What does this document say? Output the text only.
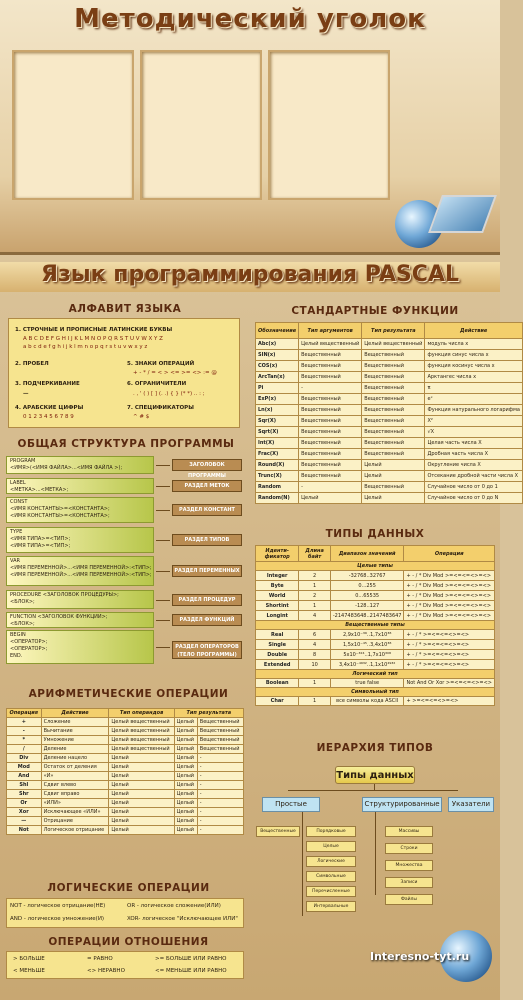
Методический уголок
Язык программирования PASCAL
АЛФАВИТ ЯЗЫКА
1. СТРОЧНЫЕ И ПРОПИСНЫЕ ЛАТИНСКИЕ БУКВЫ
A B C D E F G H I J K L M N O P Q R S T U V W X Y Z
a b c d e f g h i j k l m n o p q r s t u v w x y z
2. ПРОБЕЛ
3. ПОДЧЕРКИВАНИЕ
—
4. АРАБСКИЕ ЦИФРЫ
0 1 2 3 4 5 6 7 8 9
5. ЗНАКИ ОПЕРАЦИЙ
+ - * / = < > <= >= <> := @
6. ОГРАНИЧИТЕЛИ
. , ' ( ) [ ] (. .) { } (* *) .. : ;
7. СПЕЦИФИКАТОРЫ
^ # $
ОБЩАЯ СТРУКТУРА ПРОГРАММЫ
PROGRAM
<ИМЯ>(<ИМЯ ФАЙЛА>...<ИМЯ ФАЙЛА >);	ЗАГОЛОВОК ПРОГРАММЫ
LABEL
<МЕТКА>...<МЕТКА>;
РАЗДЕЛ МЕТОК
CONST
<ИМЯ КОНСТАНТЫ>=<КОНСТАНТА>;
<ИМЯ КОНСТАНТЫ>=<КОНСТАНТА>;
РАЗДЕЛ КОНСТАНТ
TYPE
<ИМЯ ТИПА>=<ТИП>;
<ИМЯ ТИПА>=<ТИП>;
РАЗДЕЛ ТИПОВ
VAR
<ИМЯ ПЕРЕМЕННОЙ>...<ИМЯ ПЕРЕМЕННОЙ>:<ТИП>;
<ИМЯ ПЕРЕМЕННОЙ>...<ИМЯ ПЕРЕМЕННОЙ>:<ТИП>;
РАЗДЕЛ ПЕРЕМЕННЫХ
PROCEDURE <ЗАГОЛОВОК ПРОЦЕДУРЫ>;
<БЛОК>;	РАЗДЕЛ ПРОЦЕДУР
FUNCTION <ЗАГОЛОВОК ФУНКЦИИ>;
<БЛОК>;
РАЗДЕЛ ФУНКЦИЙ
BEGIN
<ОПЕРАТОР>;
<ОПЕРАТОР>;
END.
РАЗДЕЛ ОПЕРАТОРОВ (ТЕЛО ПРОГРАММЫ)
АРИФМЕТИЧЕСКИЕ ОПЕРАЦИИ
Операция	Действие	Тип операндов	Тип результата	
+	Сложение	Целый вещественный	Целый	Вещественный
-	Вычитание	Целый вещественный	Целый	Вещественный
*	Умножение	Целый вещественный	Целый	Вещественный
/	Деление	Целый вещественный	Целый	Вещественный
Div	Деление нацело	Целый	Целый	-
Mod	Остаток от деления	Целый	Целый	-
And	«И»	Целый	Целый	-
Shl	Сдвиг влево	Целый	Целый	-
Shr	Сдвиг вправо	Целый	Целый	-
Or	«ИЛИ»	Целый	Целый	-
Xor	Исключающее «ИЛИ»	Целый	Целый	-
—	Отрицание	Целый	Целый	-
Not	Логическое отрицание	Целый	Целый	-
ЛОГИЧЕСКИЕ ОПЕРАЦИИ
NOT - логическое отрицание(НЕ)	OR - логическое сложение(ИЛИ)
AND - логическое умножение(И)	XOR- логическое "Исключающее ИЛИ"
ОПЕРАЦИИ ОТНОШЕНИЯ
> БОЛЬШЕ	= РАВНО	>= БОЛЬШЕ ИЛИ РАВНО
< МЕНЬШЕ	<> НЕРАВНО	<= МЕНЬШЕ ИЛИ РАВНО
СТАНДАРТНЫЕ ФУНКЦИИ
Обозначение	Тип аргументов	Тип результата	Действие
Abc(x)	Целый вещественный	Целый вещественный	модуль числа x
SIN(x)	Вещественный	Вещественный	функция синус числа x
COS(x)	Вещественный	Вещественный	функция косинус числа x
ArcTan(x)	Вещественный	Вещественный	Арктангес числа x
Pi	-	Вещественный	π
ExP(x)	Вещественный	Вещественный	eˣ
Ln(x)	Вещественный	Вещественный	Функция натурального логарифма
Sqr(X)	Вещественный	Вещественный	X²
Sqrt(X)	Вещественный	Вещественный	√X
Int(X)	Вещественный	Вещественный	Целая часть числа X
Frac(X)	Вещественный	Вещественный	Дробная часть числа X
Round(X)	Вещественный	Целый	Округление числа X
Trunc(X)	Вещественный	Целый	Отсекание дробной части числа X
Random	-	Вещественный	Случайное число от 0 до 1
Random(N)	Целый	Целый	Случайное число от 0 до N
ТИПЫ ДАННЫХ
Иденти-фикатор	Длина байт	Диапазон значений	Операции
Целые типы			
Integer	2	-32768..32767	+ - / * Div Mod >=<=<=<>=<>
Byte	1	0...255	+ - / * Div Mod >=<=<=<>=<>
World	2	0...65535	+ - / * Div Mod >=<=<=<>=<>
Shortint	1	-128..127	+ - / * Div Mod >=<=<=<>=<>
Longint	4	-2147483648..2147483647	+ - / * Div Mod >=<=<=<>=<>
Вещественные типы			
Real	6	2,9x10⁻³⁹..1,7x10³⁸	+ - / * >=<=<=<>=<>
Single	4	1,5x10⁻⁴⁵..3,4x10³⁸	+ - / * >=<=<=<>=<>
Double	8	5x10⁻³²⁴..1,7x10³⁰⁸	+ - / * >=<=<=<>=<>
Extended	10	3,4x10⁻⁴⁹³²..1,1x10⁴⁹³²	+ - / * >=<=<=<>=<>
Логический тип			
Boolean	1	true false	Not And Or Xor >=<=<=<>=<>
Символьный тип			
Char	1	все символы кода ASCII	+ >=<=<=<>=<>
ИЕРАРХИЯ ТИПОВ
Типы данных
Простые	Структурированные	Указатели
Вещественные	Порядковые
Целые
Логические
Символьные
Перечисленные
Интервальные
Массивы
Строки
Множества
Записи
Файлы
Interesno-tyt.ru
